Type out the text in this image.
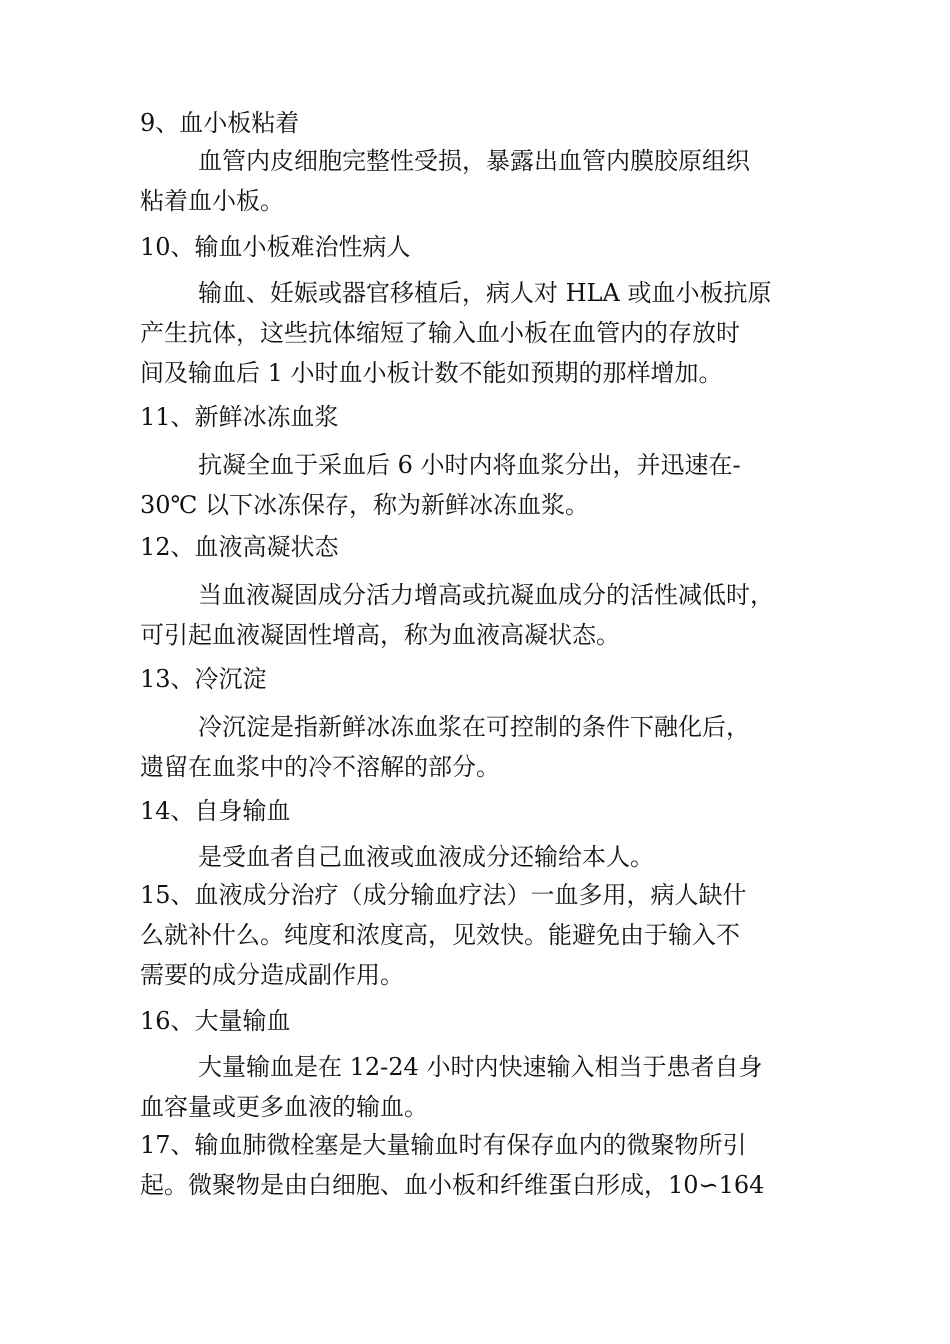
9、血小板粘着

血管内皮细胞完整性受损，暴露出血管内膜胶原组织

粘着血小板。

10、输血小板难治性病人

输血、妊娠或器官移植后，病人对 HLA 或血小板抗原

产生抗体，这些抗体缩短了输入血小板在血管内的存放时

间及输血后 1 小时血小板计数不能如预期的那样增加。

11、新鲜冰冻血浆

抗凝全血于采血后 6 小时内将血浆分出，并迅速在-

30℃ 以下冰冻保存，称为新鲜冰冻血浆。

12、血液高凝状态

当血液凝固成分活力增高或抗凝血成分的活性减低时，

可引起血液凝固性增高，称为血液高凝状态。

13、冷沉淀

冷沉淀是指新鲜冰冻血浆在可控制的条件下融化后，

遗留在血浆中的冷不溶解的部分。

14、自身输血

是受血者自己血液或血液成分还输给本人。

15、血液成分治疗（成分输血疗法）一血多用，病人缺什

么就补什么。纯度和浓度高，见效快。能避免由于输入不

需要的成分造成副作用。

16、大量输血

大量输血是在 12-24 小时内快速输入相当于患者自身

血容量或更多血液的输血。

17、输血肺微栓塞是大量输血时有保存血内的微聚物所引

起。微聚物是由白细胞、血小板和纤维蛋白形成，10∽164
